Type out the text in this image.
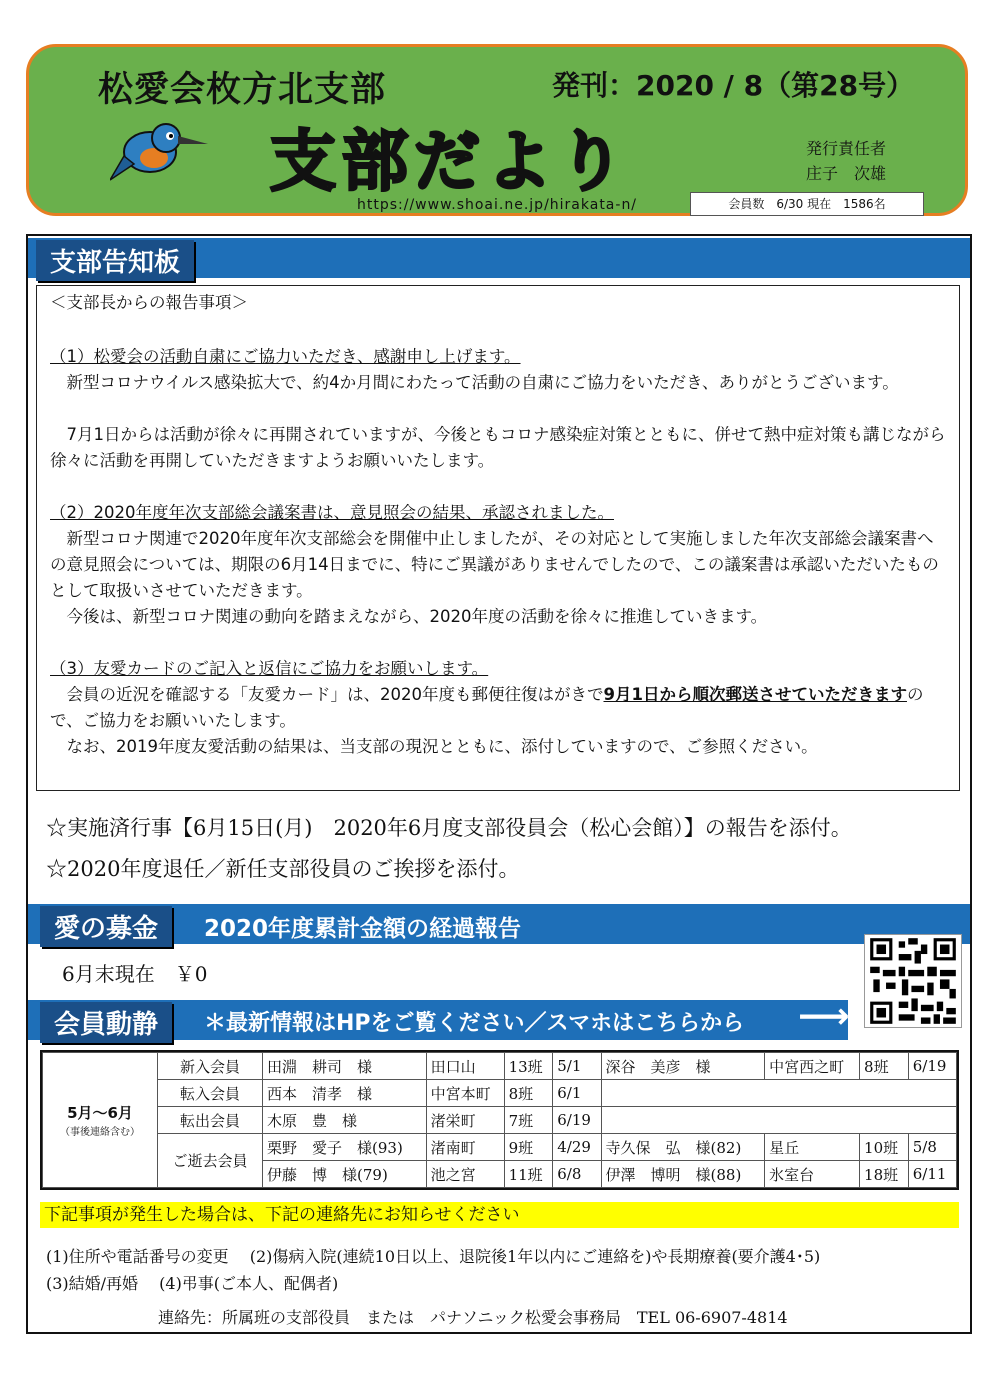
松愛会枚方北支部	発刊：2020 / 8（第28号）
支部だより	発行責任者
庄子　次雄
https://www.shoai.ne.jp/hirakata-n/	会員数　6/30 現在　1586名
支部告知板
＜支部長からの報告事項＞
（1）松愛会の活動自粛にご協力いただき、感謝申し上げます。
　新型コロナウイルス感染拡大で、約4か月間にわたって活動の自粛にご協力をいただき、ありがとうございます。
　7月1日からは活動が徐々に再開されていますが、今後ともコロナ感染症対策とともに、併せて熱中症対策も講じながら徐々に活動を再開していただきますようお願いいたします。
（2）2020年度年次支部総会議案書は、意見照会の結果、承認されました。
　新型コロナ関連で2020年度年次支部総会を開催中止しましたが、その対応として実施しました年次支部総会議案書への意見照会については、期限の6月14日までに、特にご異議がありませんでしたので、この議案書は承認いただいたものとして取扱いさせていただきます。
　今後は、新型コロナ関連の動向を踏まえながら、2020年度の活動を徐々に推進していきます。
（3）友愛カードのご記入と返信にご協力をお願いします。
　会員の近況を確認する「友愛カード」は、2020年度も郵便往復はがきで9月1日から順次郵送させていただきますので、ご協力をお願いいたします。
　なお、2019年度友愛活動の結果は、当支部の現況とともに、添付していますので、ご参照ください。
☆実施済行事【6月15日(月)　2020年6月度支部役員会（松心会館）】の報告を添付。
☆2020年度退任／新任支部役員のご挨拶を添付。
愛の募金	2020年度累計金額の経過報告
6月末現在　￥0
会員動静	＊最新情報はHPをご覧ください／スマホはこちらから ⟶
5月～6月
（事後連絡含む）	新入会員	田淵　耕司　様	田口山	13班	5/1	深谷　美彦　様	中宮西之町	8班	6/19
	転入会員	西本　清孝　様	中宮本町	8班	6/1				
	転出会員	木原　豊　様	渚栄町	7班	6/19				
	ご逝去会員	栗野　愛子　様(93)	渚南町	9班	4/29	寺久保　弘　様(82)	星丘	10班	5/8
		伊藤　博　様(79)	池之宮	11班	6/8	伊澤　博明　様(88)	氷室台	18班	6/11
下記事項が発生した場合は、下記の連絡先にお知らせください
(1)住所や電話番号の変更　 (2)傷病入院(連続10日以上、退院後1年以内にご連絡を)や長期療養(要介護4･5)
(3)結婚/再婚　 (4)弔事(ご本人、配偶者)
連絡先：所属班の支部役員　または　パナソニック松愛会事務局　TEL 06-6907-4814
